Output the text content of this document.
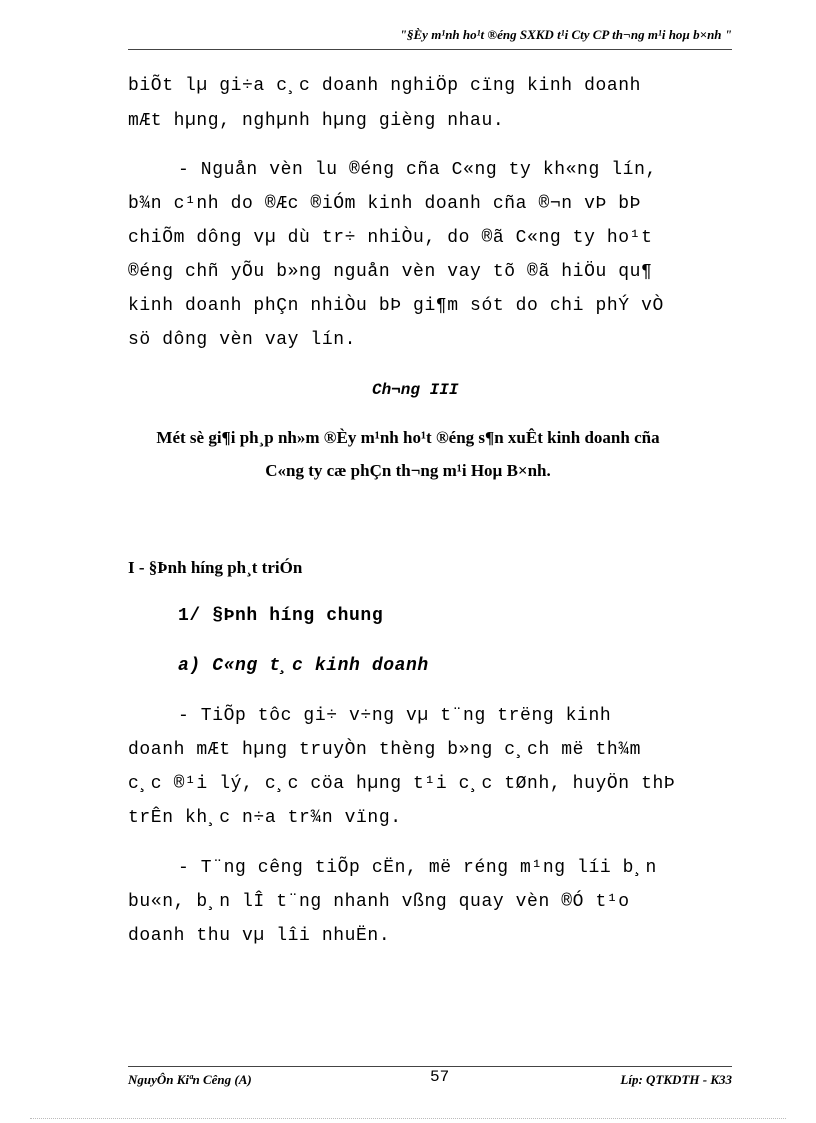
"§Èy m¹nh ho¹t ®éng SXKD t¹i Cty CP th¬ng m¹i hoµ b×nh "
biÕt lµ gi÷a c¸c doanh nghiÖp cïng kinh doanh
mÆt hµng, nghµnh hµng gièng nhau.
- Nguån vèn lu ®éng cña C«ng ty kh«ng lín,
b¾n c¹nh do ®Æc ®iÓm kinh doanh cña ®¬n vÞ bÞ
chiÕm dông vµ dù tr÷ nhiÒu, do ®ã C«ng ty ho¹t
®éng chñ yÕu b»ng nguån vèn vay tõ ®ã hiÖu qu¶
kinh doanh phÇn nhiÒu bÞ gi¶m sót do chi phÝ vÒ
sö dông vèn vay lín.
Ch¬ng III
Mét sè gi¶i ph¸p nh»m ®Èy m¹nh ho¹t ®éng s¶n xuÊt kinh doanh cña
C«ng ty cæ phÇn th¬ng m¹i Hoµ B×nh.
I - §Þnh híng ph¸t triÓn
1/ §Þnh híng chung
a) C«ng t¸c kinh doanh
- TiÕp tôc gi÷ v÷ng vµ t¨ng trëng kinh
doanh mÆt hµng truyÒn thèng b»ng c¸ch më th¾m
c¸c ®¹i lý, c¸c cöa hµng t¹i c¸c tØnh, huyÖn thÞ
trÊn kh¸c n÷a tr¾n vïng.
- T¨ng cêng tiÕp cËn, më réng m¹ng líi b¸n
bu«n, b¸n lÎ t¨ng nhanh vßng quay vèn ®Ó t¹o
doanh thu vµ lîi nhuËn.
NguyÔn Kiªn Cêng (A)	57	Líp: QTKDTH - K33
